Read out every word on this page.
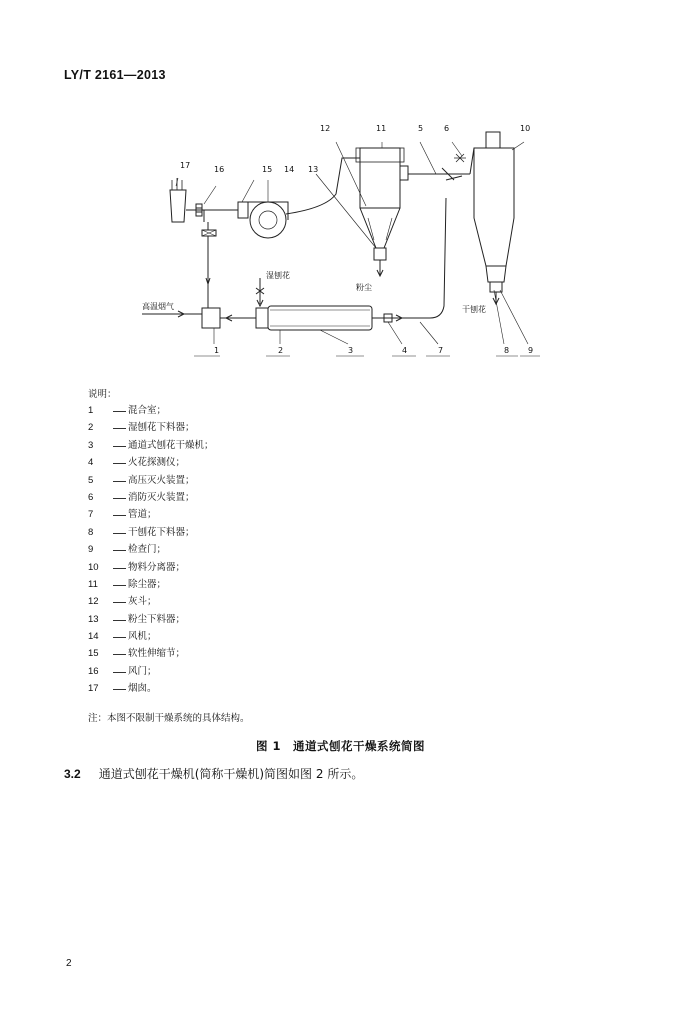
LY/T 2161—2013
1	2	3	4
5	6
7	8 9
10
11
12
13
14
15
16
17
湿刨花
高温烟气
粉尘
干刨花
说明：
1	混合室；
2	湿刨花下料器；
3	通道式刨花干燥机；
4	火花探测仪；
5	高压灭火装置；
6	消防灭火装置；
7	管道；
8	干刨花下料器；
9	检查门；
10	物料分离器；
11	除尘器；
12	灰斗；
13	粉尘下料器；
14	风机；
15	软性伸缩节；
16	风门；
17	烟囱。
注：本图不限制干燥系统的具体结构。
图 1　通道式刨花干燥系统简图
3.2 通道式刨花干燥机(简称干燥机)简图如图 2 所示。
2
